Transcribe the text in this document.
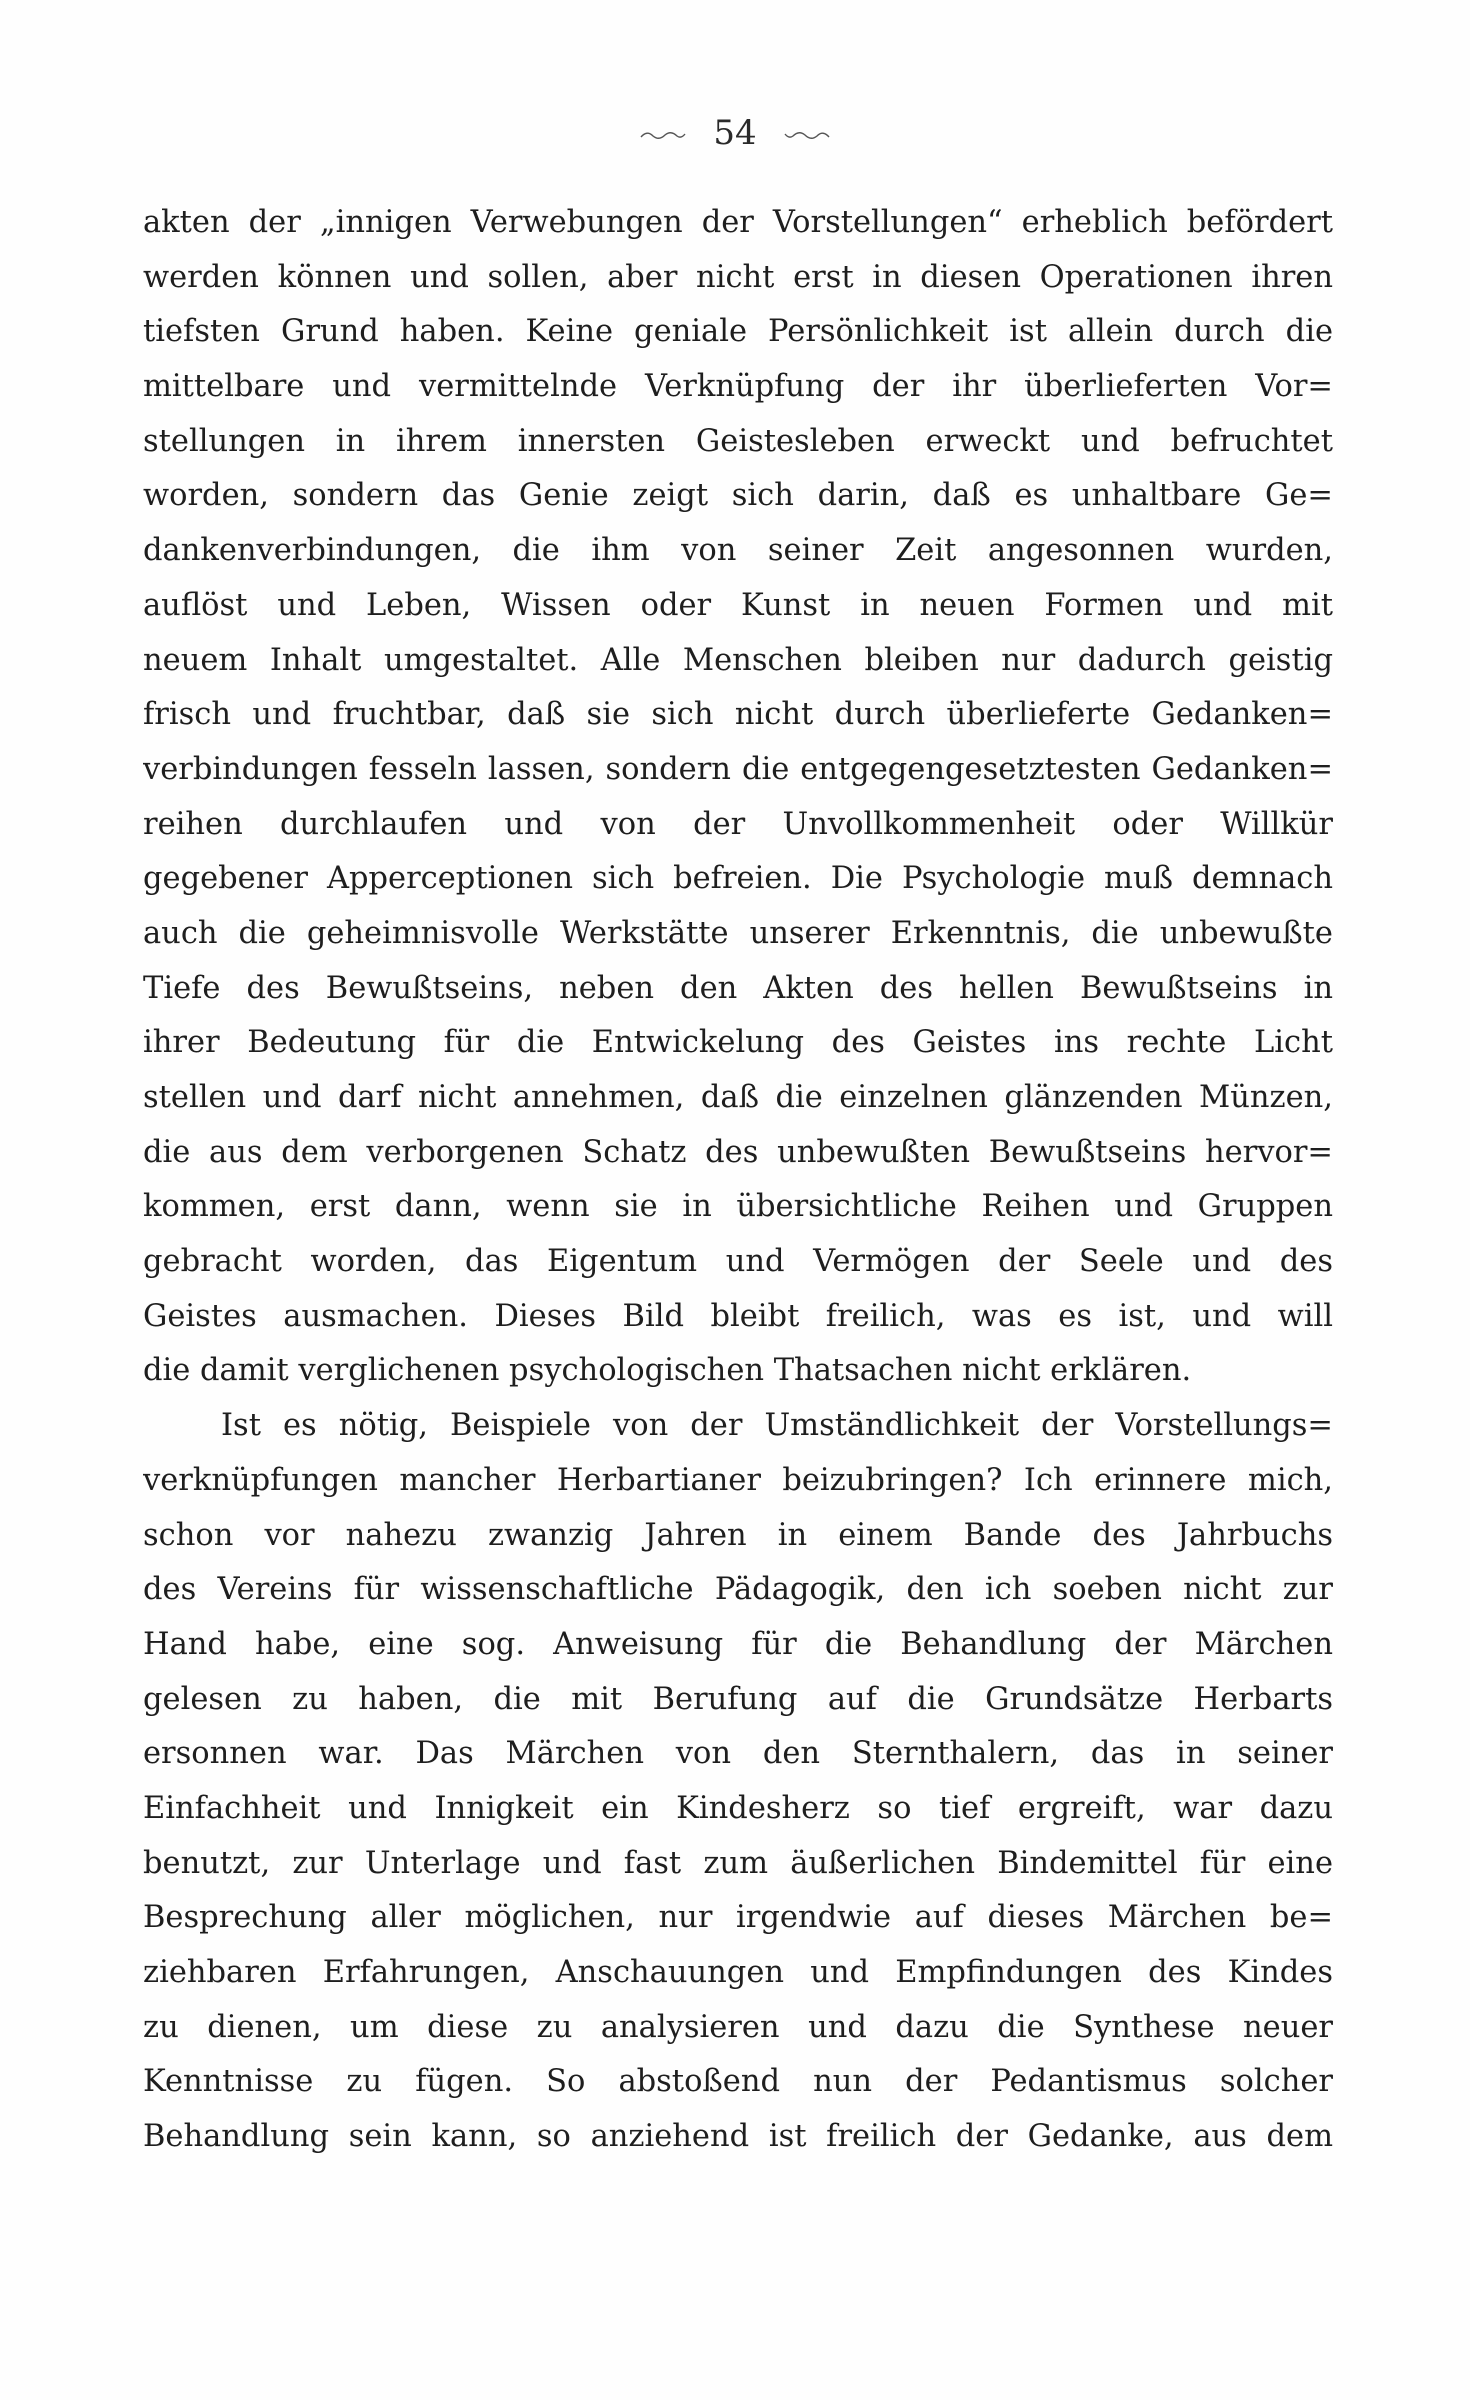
54
akten der „innigen Verwebungen der Vorstellungen“ erheblich befördert
werden können und sollen, aber nicht erst in diesen Operationen ihren
tiefsten Grund haben. Keine geniale Persönlichkeit ist allein durch die
mittelbare und vermittelnde Verknüpfung der ihr überlieferten Vor=
stellungen in ihrem innersten Geistesleben erweckt und befruchtet
worden, sondern das Genie zeigt sich darin, daß es unhaltbare Ge=
dankenverbindungen, die ihm von seiner Zeit angesonnen wurden,
auflöst und Leben, Wissen oder Kunst in neuen Formen und mit
neuem Inhalt umgestaltet. Alle Menschen bleiben nur dadurch geistig
frisch und fruchtbar, daß sie sich nicht durch überlieferte Gedanken=
verbindungen fesseln lassen, sondern die entgegengesetztesten Gedanken=
reihen durchlaufen und von der Unvollkommenheit oder Willkür
gegebener Apperceptionen sich befreien. Die Psychologie muß demnach
auch die geheimnisvolle Werkstätte unserer Erkenntnis, die unbewußte
Tiefe des Bewußtseins, neben den Akten des hellen Bewußtseins in
ihrer Bedeutung für die Entwickelung des Geistes ins rechte Licht
stellen und darf nicht annehmen, daß die einzelnen glänzenden Münzen,
die aus dem verborgenen Schatz des unbewußten Bewußtseins hervor=
kommen, erst dann, wenn sie in übersichtliche Reihen und Gruppen
gebracht worden, das Eigentum und Vermögen der Seele und des
Geistes ausmachen. Dieses Bild bleibt freilich, was es ist, und will
die damit verglichenen psychologischen Thatsachen nicht erklären.
Ist es nötig, Beispiele von der Umständlichkeit der Vorstellungs=
verknüpfungen mancher Herbartianer beizubringen? Ich erinnere mich,
schon vor nahezu zwanzig Jahren in einem Bande des Jahrbuchs
des Vereins für wissenschaftliche Pädagogik, den ich soeben nicht zur
Hand habe, eine sog. Anweisung für die Behandlung der Märchen
gelesen zu haben, die mit Berufung auf die Grundsätze Herbarts
ersonnen war. Das Märchen von den Sternthalern, das in seiner
Einfachheit und Innigkeit ein Kindesherz so tief ergreift, war dazu
benutzt, zur Unterlage und fast zum äußerlichen Bindemittel für eine
Besprechung aller möglichen, nur irgendwie auf dieses Märchen be=
ziehbaren Erfahrungen, Anschauungen und Empfindungen des Kindes
zu dienen, um diese zu analysieren und dazu die Synthese neuer
Kenntnisse zu fügen. So abstoßend nun der Pedantismus solcher
Behandlung sein kann, so anziehend ist freilich der Gedanke, aus dem
